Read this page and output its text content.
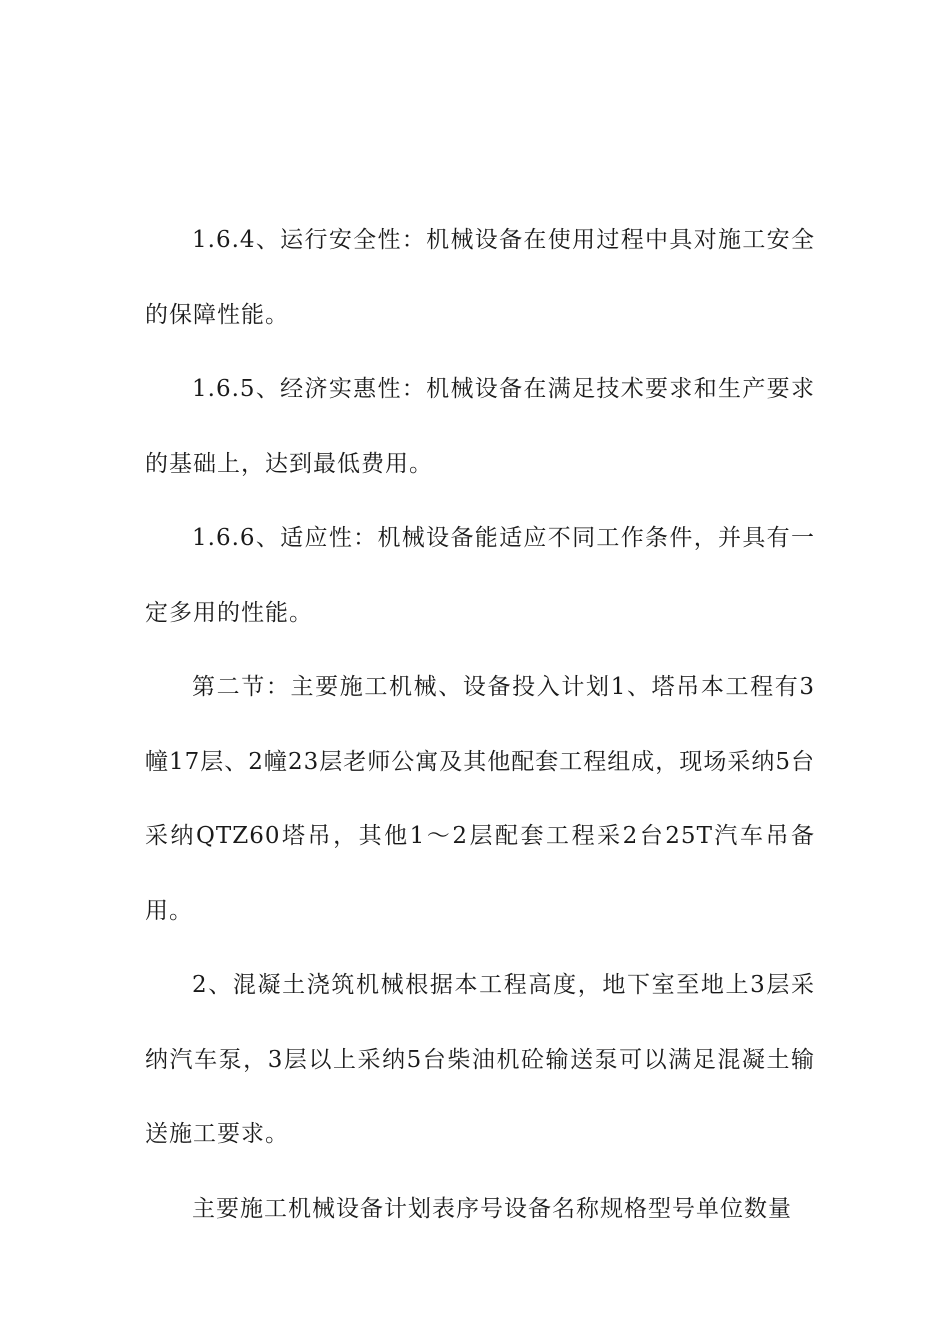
1.6.4、运行安全性：机械设备在使用过程中具对施工安全的保障性能。

1.6.5、经济实惠性：机械设备在满足技术要求和生产要求的基础上，达到最低费用。

1.6.6、适应性：机械设备能适应不同工作条件，并具有一定多用的性能。

第二节：主要施工机械、设备投入计划1、塔吊本工程有3幢17层、2幢23层老师公寓及其他配套工程组成，现场采纳5台采纳QTZ60塔吊，其他1～2层配套工程采2台25T汽车吊备用。

2、混凝土浇筑机械根据本工程高度，地下室至地上3层采纳汽车泵，3层以上采纳5台柴油机砼输送泵可以满足混凝土输送施工要求。

主要施工机械设备计划表序号设备名称规格型号单位数量
